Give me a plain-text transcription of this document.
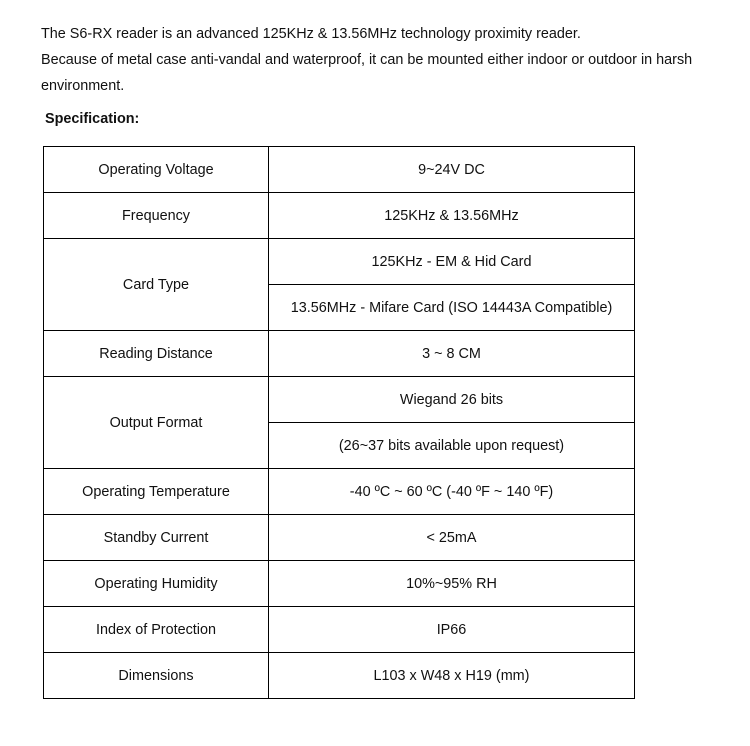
The S6-RX reader is an advanced 125KHz & 13.56MHz technology proximity reader.

Because of metal case anti-vandal and waterproof, it can be mounted either indoor or outdoor in harsh environment.

Specification:
Operating Voltage	9~24V DC
Frequency	125KHz & 13.56MHz
Card Type	125KHz - EM & Hid Card
	13.56MHz - Mifare Card (ISO 14443A Compatible)
Reading Distance	3 ~ 8 CM
Output Format	Wiegand 26 bits
	(26~37 bits available upon request)
Operating Temperature	-40 ºC ~ 60 ºC (-40 ºF ~ 140 ºF)
Standby Current	< 25mA
Operating Humidity	10%~95% RH
Index of Protection	IP66
Dimensions	L103 x W48 x H19 (mm)
